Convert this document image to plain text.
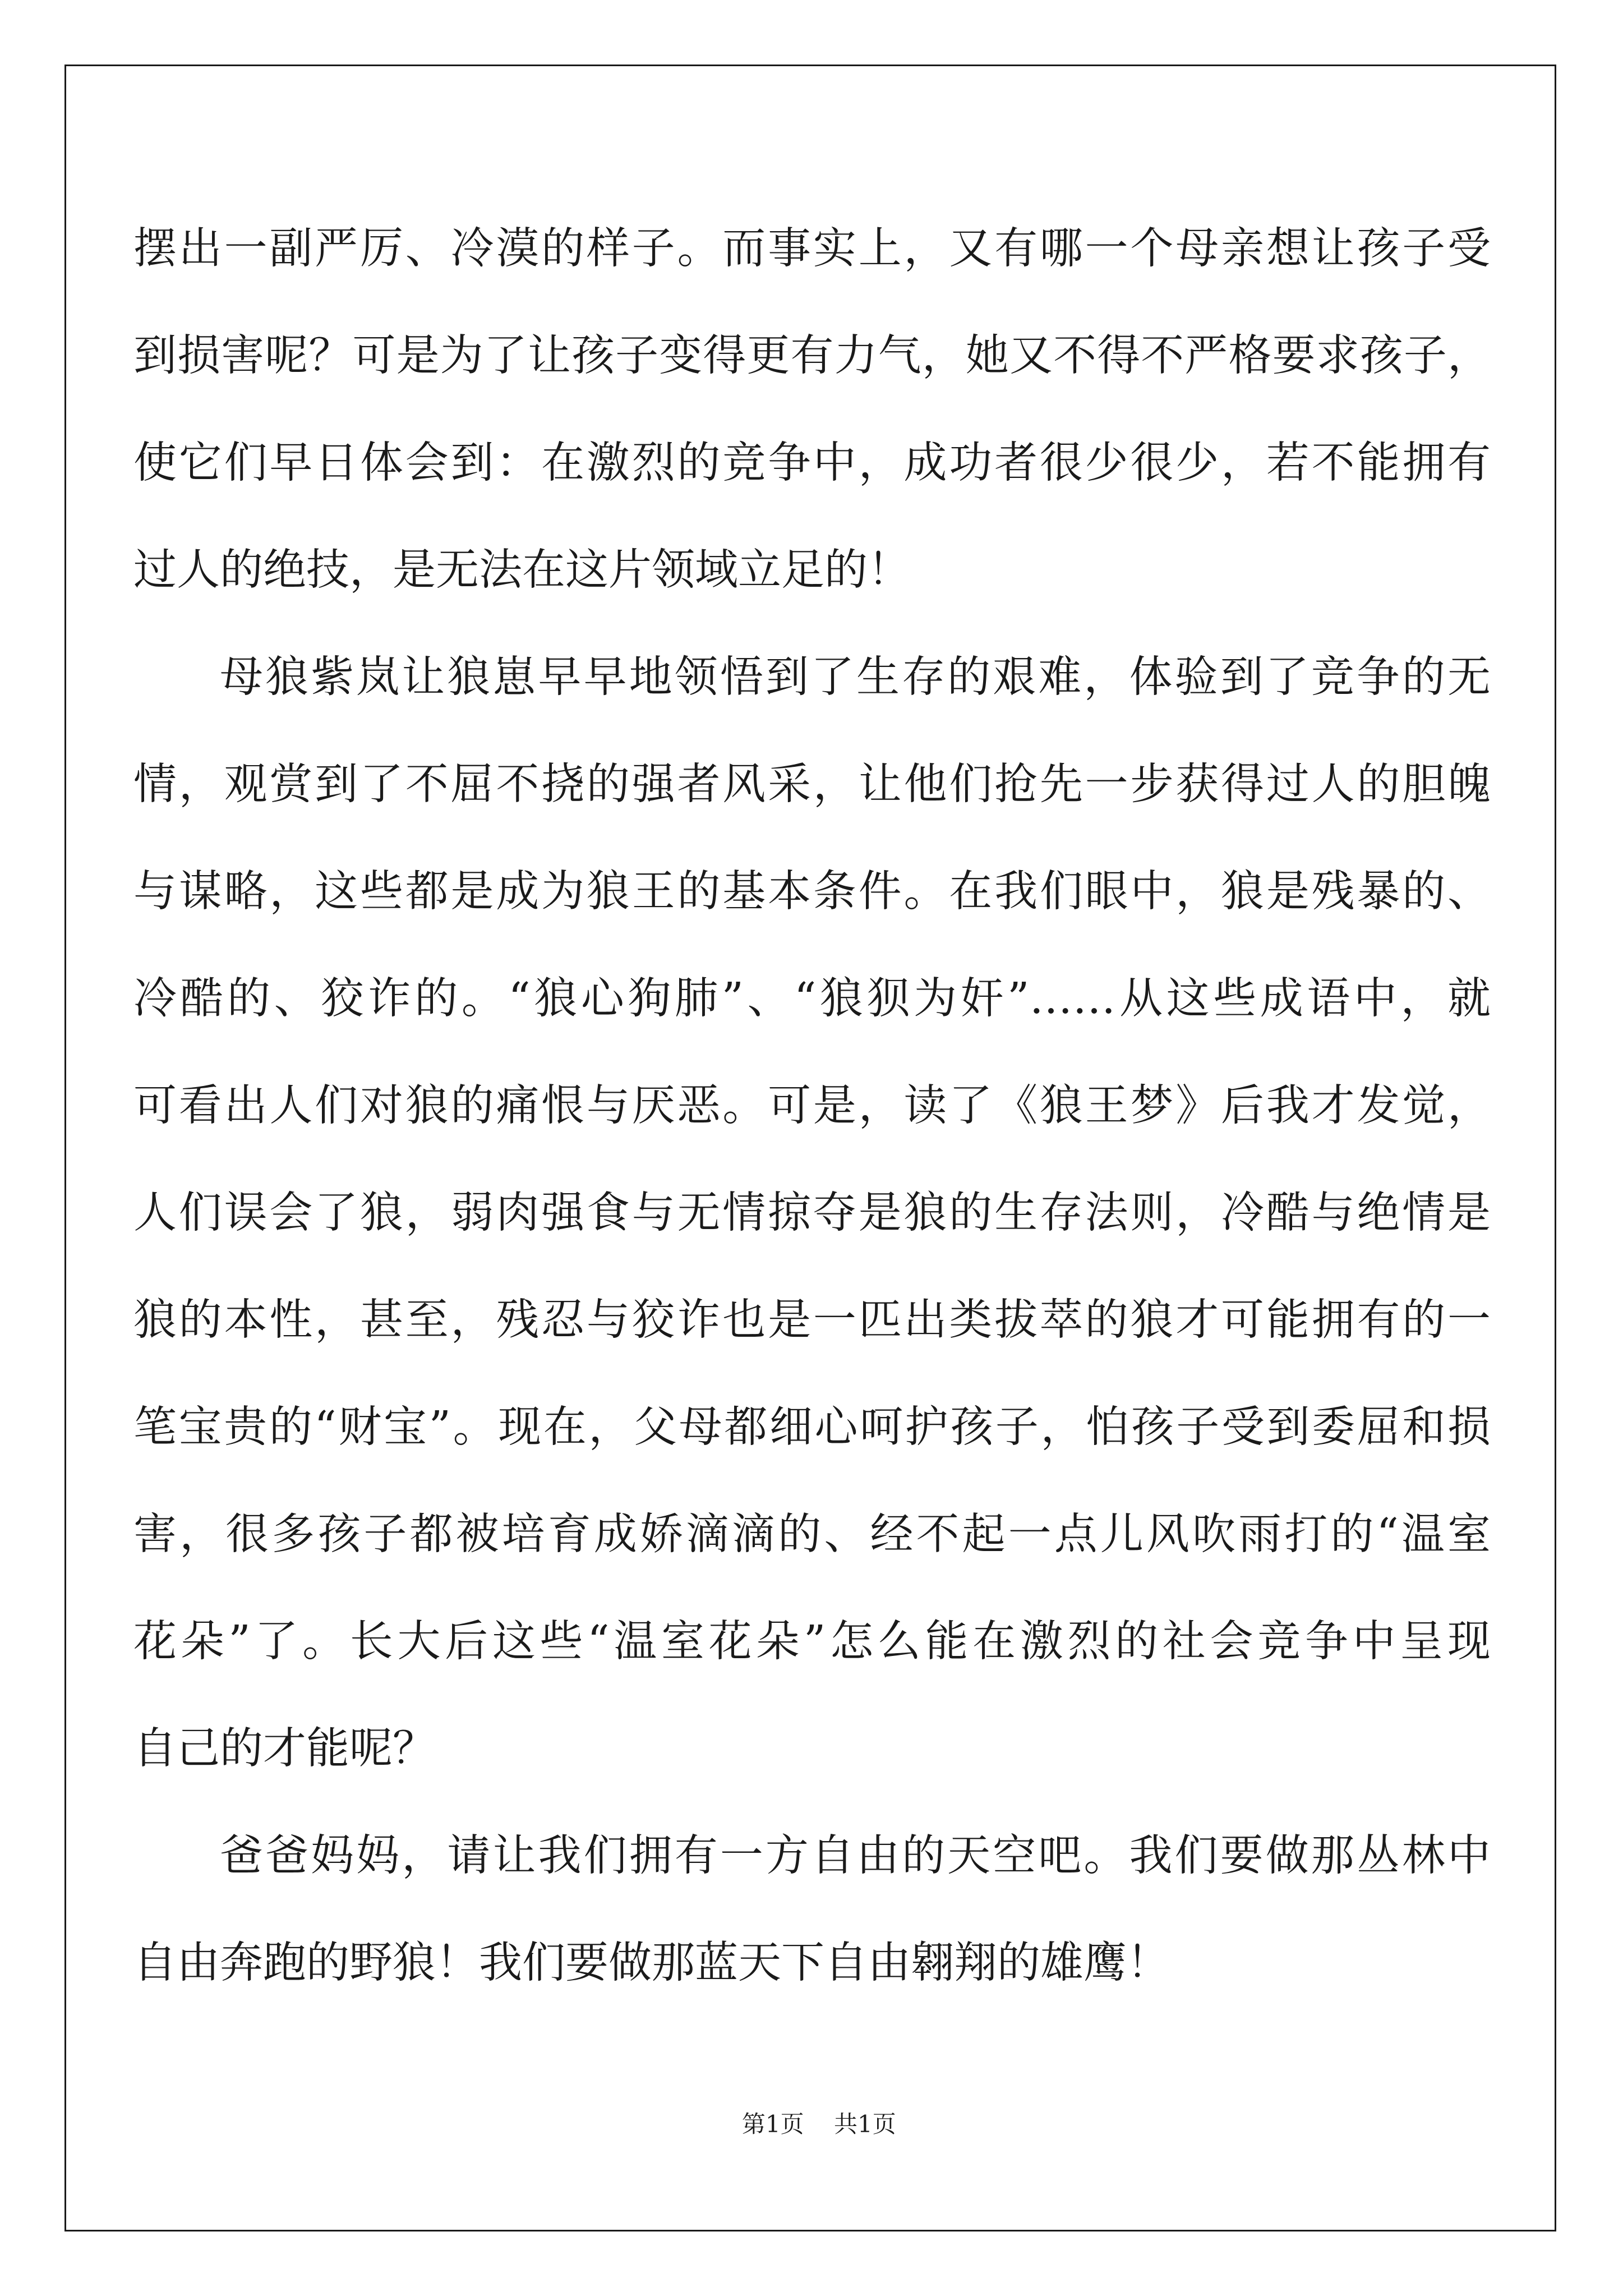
摆出一副严厉、冷漠的样子。而事实上，又有哪一个母亲想让孩子受
到损害呢？可是为了让孩子变得更有力气，她又不得不严格要求孩子，
使它们早日体会到：在激烈的竞争中，成功者很少很少，若不能拥有
过人的绝技，是无法在这片领域立足的！
母狼紫岚让狼崽早早地领悟到了生存的艰难，体验到了竞争的无
情，观赏到了不屈不挠的强者风采，让他们抢先一步获得过人的胆魄
与谋略，这些都是成为狼王的基本条件。在我们眼中，狼是残暴的、
冷酷的、狡诈的。“狼心狗肺”、“狼狈为奸”……从这些成语中，就
可看出人们对狼的痛恨与厌恶。可是，读了《狼王梦》后我才发觉，
人们误会了狼，弱肉强食与无情掠夺是狼的生存法则，冷酷与绝情是
狼的本性，甚至，残忍与狡诈也是一匹出类拔萃的狼才可能拥有的一
笔宝贵的“财宝”。现在，父母都细心呵护孩子，怕孩子受到委屈和损
害，很多孩子都被培育成娇滴滴的、经不起一点儿风吹雨打的“温室
花朵”了。长大后这些“温室花朵”怎么能在激烈的社会竞争中呈现
自己的才能呢？
爸爸妈妈，请让我们拥有一方自由的天空吧。我们要做那丛林中
自由奔跑的野狼！我们要做那蓝天下自由翱翔的雄鹰！

第1页    共1页
